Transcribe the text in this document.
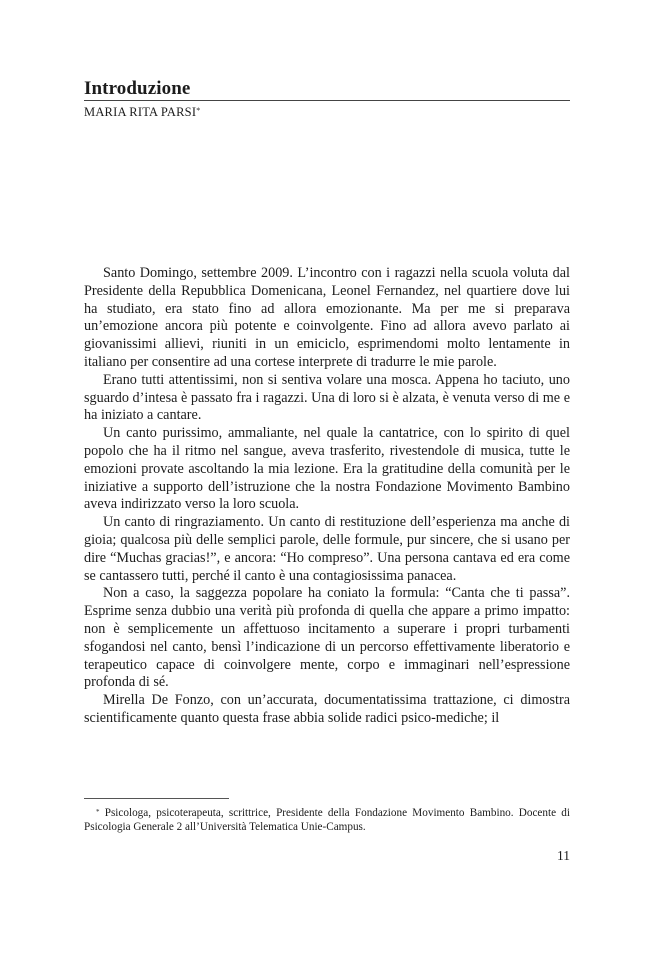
Introduzione
MARIA RITA PARSI*

Santo Domingo, settembre 2009. L’incontro con i ragazzi nella scuola voluta dal Presidente della Repubblica Domenicana, Leonel Fernandez, nel quartiere dove lui ha studiato, era stato fino ad allora emozionante. Ma per me si preparava un’emozione ancora più potente e coinvolgente. Fino ad allora avevo parlato ai giovanissimi allievi, riuniti in un emiciclo, esprimendomi molto lentamente in italiano per consentire ad una cortese interprete di tradurre le mie parole.

Erano tutti attentissimi, non si sentiva volare una mosca. Appena ho taciuto, uno sguardo d’intesa è passato fra i ragazzi. Una di loro si è alzata, è venuta verso di me e ha iniziato a cantare.

Un canto purissimo, ammaliante, nel quale la cantatrice, con lo spirito di quel popolo che ha il ritmo nel sangue, aveva trasferito, rivestendole di musica, tutte le emozioni provate ascoltando la mia lezione. Era la gratitudine della comunità per le iniziative a supporto dell’istruzione che la nostra Fondazione Movimento Bambino aveva indirizzato verso la loro scuola.

Un canto di ringraziamento. Un canto di restituzione dell’esperienza ma anche di gioia; qualcosa più delle semplici parole, delle formule, pur sincere, che si usano per dire “Muchas gracias!”, e ancora: “Ho compreso”. Una persona cantava ed era come se cantassero tutti, perché il canto è una contagiosissima panacea.

Non a caso, la saggezza popolare ha coniato la formula: “Canta che ti passa”. Esprime senza dubbio una verità più profonda di quella che appare a primo impatto: non è semplicemente un affettuoso incitamento a superare i propri turbamenti sfogandosi nel canto, bensì l’indicazione di un percorso effettivamente liberatorio e terapeutico capace di coinvolgere mente, corpo e immaginari nell’espressione profonda di sé.

Mirella De Fonzo, con un’accurata, documentatissima trattazione, ci dimostra scientificamente quanto questa frase abbia solide radici psico-mediche; il

* Psicologa, psicoterapeuta, scrittrice, Presidente della Fondazione Movimento Bambino. Docente di Psicologia Generale 2 all’Università Telematica Unie-Campus.

11
